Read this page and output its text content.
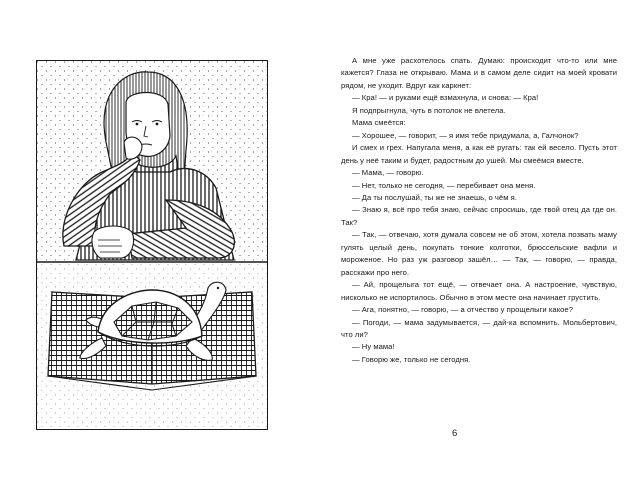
А мне уже расхотелось спать. Думаю: происходит что-то или мне кажется? Глаза не открываю. Мама и в самом деле сидит на моей кровати рядом, не уходит. Вдруг как каркнет:

— Кра! — и руками ещё взмахнула, и снова: — Кра!

Я подпрыгнула, чуть в потолок не влетела.

Мама смеётся:

— Хорошее, — говорит, — я имя тебе придумала, а, Галчонок?

И смех и грех. Напугала меня, а как её ругать: так ей весело. Пусть этот день у неё таким и будет, радостным до ушей. Мы смеёмся вместе.

— Мама, — говорю.

— Нет, только не сегодня, — перебивает она меня.

— Да ты послушай, ты же не знаешь, о чём я.

— Знаю я, всё про тебя знаю, сейчас спросишь, где твой отец да где он. Так?

— Так, — отвечаю, хотя думала совсем не об этом, хотела позвать маму гулять целый день, покупать тонкие колготки, брюссельские вафли и мороженое. Но раз уж разговор зашёл… — Так, — говорю, — правда, расскажи про него.

— Ай, прощелыга тот ещё, — отвечает она. А настроение, чувствую, нисколько не испортилось. Обычно в этом месте она начинает грустить.

— Ага, понятно, — говорю, — а отчество у прощелыги какое?

— Погоди, — мама задумывается, — дай-ка вспомнить. Мольбертович, что ли?

— Ну мама!

— Говорю же, только не сегодня.

6
